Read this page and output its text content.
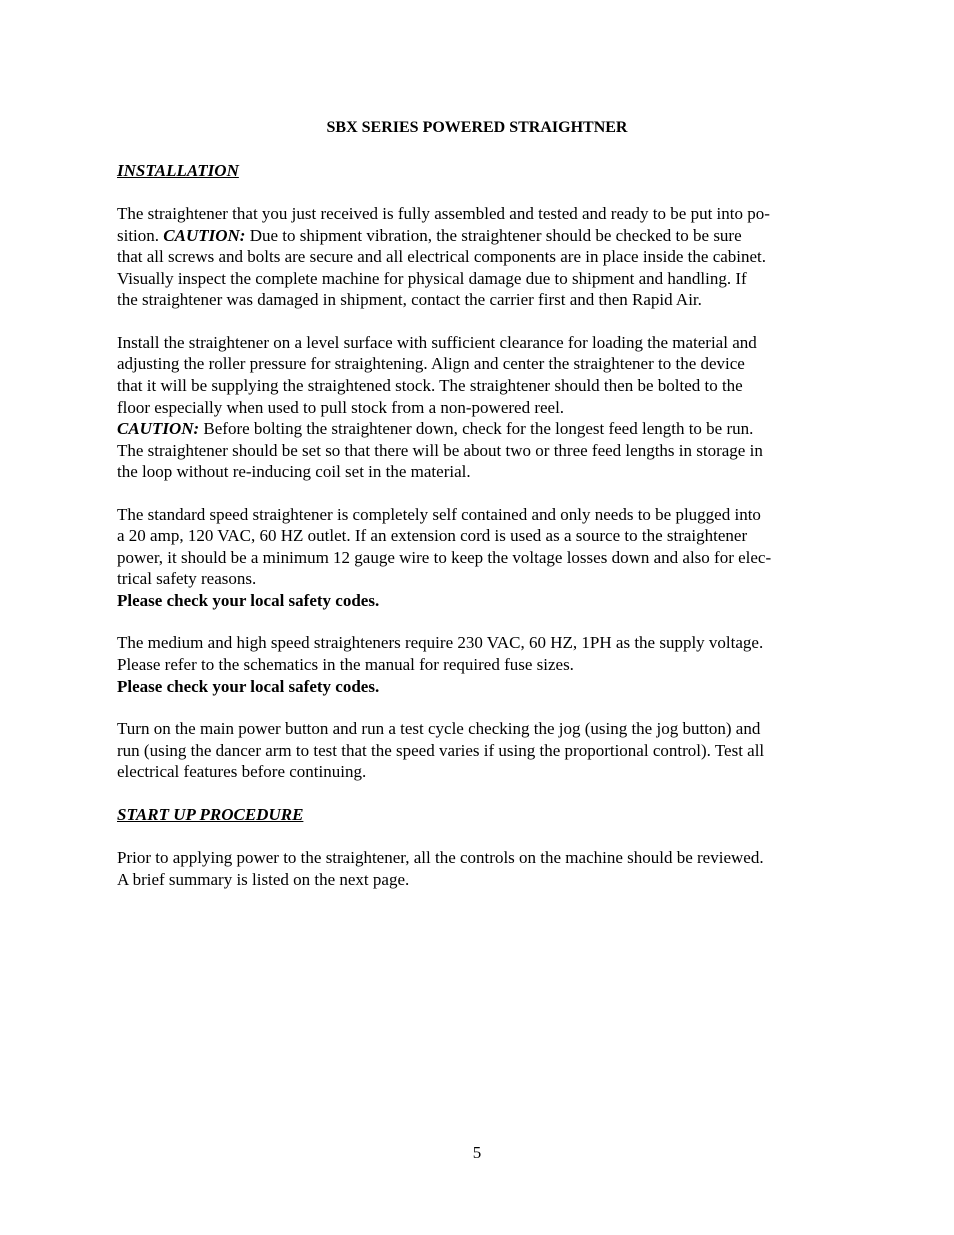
SBX SERIES POWERED STRAIGHTNER
INSTALLATION
The straightener that you just received is fully assembled and tested and ready to be put into po-
sition. CAUTION: Due to shipment vibration, the straightener should be checked to be sure
that all screws and bolts are secure and all electrical components are in place inside the cabinet.
Visually inspect the complete machine for physical damage due to shipment and handling. If
the straightener was damaged in shipment, contact the carrier first and then Rapid Air.
Install the straightener on a level surface with sufficient clearance for loading the material and
adjusting the roller pressure for straightening. Align and center the straightener to the device
that it will be supplying the straightened stock. The straightener should then be bolted to the
floor especially when used to pull stock from a non-powered reel.
CAUTION: Before bolting the straightener down, check for the longest feed length to be run.
The straightener should be set so that there will be about two or three feed lengths in storage in
the loop without re-inducing coil set in the material.
The standard speed straightener is completely self contained and only needs to be plugged into
a 20 amp, 120 VAC, 60 HZ outlet. If an extension cord is used as a source to the straightener
power, it should be a minimum 12 gauge wire to keep the voltage losses down and also for elec-
trical safety reasons.
Please check your local safety codes.
The medium and high speed straighteners require 230 VAC, 60 HZ, 1PH as the supply voltage.
Please refer to the schematics in the manual for required fuse sizes.
Please check your local safety codes.
Turn on the main power button and run a test cycle checking the jog (using the jog button) and
run (using the dancer arm to test that the speed varies if using the proportional control). Test all
electrical features before continuing.
START UP PROCEDURE
Prior to applying power to the straightener, all the controls on the machine should be reviewed.
A brief summary is listed on the next page.
5
